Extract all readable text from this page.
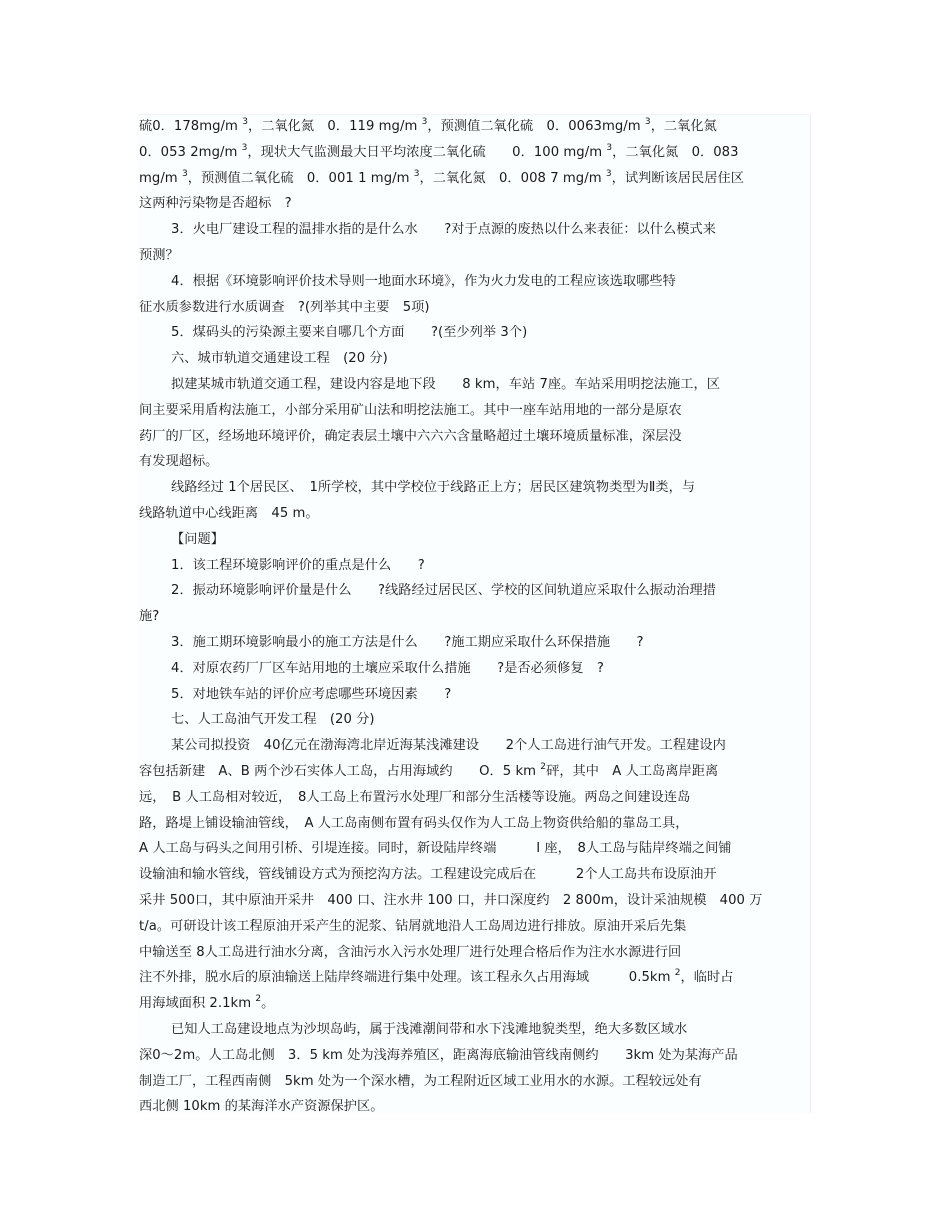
硫0．178mg/m $^3$，二氧化氮　0．119 mg/m $^3$，预测值二氧化硫　0．0063mg/m $^3$，二氧化氮
0．053 2mg/m $^3$，现状大气监测最大日平均浓度二氧化硫　　0．100 mg/m $^3$，二氧化氮　0．083
mg/m $^3$，预测值二氧化硫　0．001 1 mg/m $^3$，二氧化氮　0．008 7 mg/m $^3$，试判断该居民居住区
这两种污染物是否超标　?
3．火电厂建设工程的温排水指的是什么水　　?对于点源的废热以什么来表征：以什么模式来
预测？
4．根据《环境影响评价技术导则一地面水环境》，作为火力发电的工程应该选取哪些特
征水质参数进行水质调查　?(列举其中主要　5项)
5．煤码头的污染源主要来自哪几个方面　　?(至少列举 3个)
六、城市轨道交通建设工程　(20 分)
拟建某城市轨道交通工程，建设内容是地下段　　8 km，车站 7座。车站采用明挖法施工，区
间主要采用盾构法施工，小部分采用矿山法和明挖法施工。其中一座车站用地的一部分是原农
药厂的厂区，经场地环境评价，确定表层土壤中六六六含量略超过土壤环境质量标准，深层没
有发现超标。
线路经过 1个居民区、　1所学校，其中学校位于线路正上方；居民区建筑物类型为Ⅱ类，与
线路轨道中心线距离　45 m。
【问题】
1．该工程环境影响评价的重点是什么　　?
2．振动环境影响评价量是什么　　?线路经过居民区、学校的区间轨道应采取什么振动治理措
施?
3．施工期环境影响最小的施工方法是什么　　?施工期应采取什么环保措施　　?
4．对原农药厂厂区车站用地的土壤应采取什么措施　　?是否必须修复　?
5．对地铁车站的评价应考虑哪些环境因素　　?
七、人工岛油气开发工程　(20 分)
某公司拟投资　40亿元在渤海湾北岸近海某浅滩建设　　2个人工岛进行油气开发。工程建设内
容包括新建　A、B 两个沙石实体人工岛，占用海域约　　O．5 km $^2$砰，其中　A 人工岛离岸距离
远，　B 人工岛相对较近，　8人工岛上布置污水处理厂和部分生活楼等设施。两岛之间建设连岛
路，路堤上铺设输油管线，　A 人工岛南侧布置有码头仅作为人工岛上物资供给船的靠岛工具，
A 人工岛与码头之间用引桥、引堤连接。同时，新设陆岸终端　　　I 座，　8人工岛与陆岸终端之间铺
设输油和输水管线，管线铺设方式为预挖沟方法。工程建设完成后在　　　2个人工岛共布设原油开
采井 500口，其中原油开采井　400 口、注水井 100 口，井口深度约　2 800m，设计采油规模　400 万
t/a。可研设计该工程原油开采产生的泥浆、钻屑就地沿人工岛周边进行排放。原油开采后先集
中输送至 8人工岛进行油水分离，含油污水入污水处理厂进行处理合格后作为注水水源进行回
注不外排，脱水后的原油输送上陆岸终端进行集中处理。该工程永久占用海域　　　0.5km $^2$，临时占
用海域面积 2.1km $^2$。
已知人工岛建设地点为沙坝岛屿，属于浅滩潮间带和水下浅滩地貌类型，绝大多数区域水
深0～2m。人工岛北侧　3．5 km 处为浅海养殖区，距离海底输油管线南侧约　　3km 处为某海产品
制造工厂，工程西南侧　5km 处为一个深水槽，为工程附近区域工业用水的水源。工程较远处有
西北侧 10km 的某海洋水产资源保护区。
